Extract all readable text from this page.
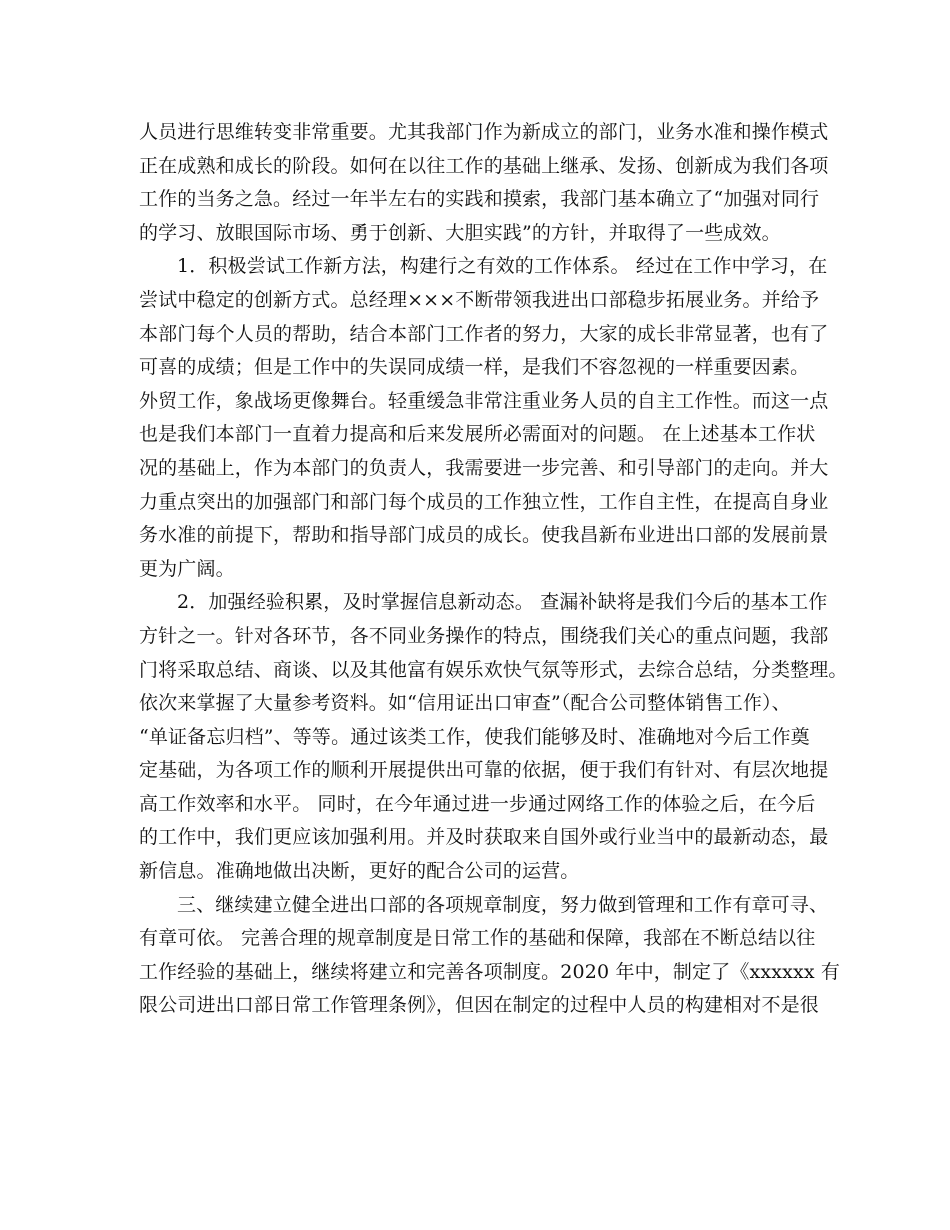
人员进行思维转变非常重要。尤其我部门作为新成立的部门，业务水准和操作模式
正在成熟和成长的阶段。如何在以往工作的基础上继承、发扬、创新成为我们各项
工作的当务之急。经过一年半左右的实践和摸索，我部门基本确立了“加强对同行
的学习、放眼国际市场、勇于创新、大胆实践”的方针，并取得了一些成效。
1．积极尝试工作新方法，构建行之有效的工作体系。 经过在工作中学习，在
尝试中稳定的创新方式。总经理×××不断带领我进出口部稳步拓展业务。并给予
本部门每个人员的帮助，结合本部门工作者的努力，大家的成长非常显著，也有了
可喜的成绩；但是工作中的失误同成绩一样，是我们不容忽视的一样重要因素。
外贸工作，象战场更像舞台。轻重缓急非常注重业务人员的自主工作性。而这一点
也是我们本部门一直着力提高和后来发展所必需面对的问题。 在上述基本工作状
况的基础上，作为本部门的负责人，我需要进一步完善、和引导部门的走向。并大
力重点突出的加强部门和部门每个成员的工作独立性，工作自主性，在提高自身业
务水准的前提下，帮助和指导部门成员的成长。使我昌新布业进出口部的发展前景
更为广阔。
2．加强经验积累，及时掌握信息新动态。 查漏补缺将是我们今后的基本工作
方针之一。针对各环节，各不同业务操作的特点，围绕我们关心的重点问题，我部
门将采取总结、商谈、以及其他富有娱乐欢快气氛等形式，去综合总结，分类整理。
依次来掌握了大量参考资料。如“信用证出口审查”（配合公司整体销售工作）、
“单证备忘归档”、等等。通过该类工作，使我们能够及时、准确地对今后工作奠
定基础，为各项工作的顺利开展提供出可靠的依据，便于我们有针对、有层次地提
高工作效率和水平。 同时，在今年通过进一步通过网络工作的体验之后，在今后
的工作中，我们更应该加强利用。并及时获取来自国外或行业当中的最新动态，最
新信息。准确地做出决断，更好的配合公司的运营。
三、继续建立健全进出口部的各项规章制度，努力做到管理和工作有章可寻、
有章可依。 完善合理的规章制度是日常工作的基础和保障，我部在不断总结以往
工作经验的基础上，继续将建立和完善各项制度。2020 年中，制定了《xxxxxx 有
限公司进出口部日常工作管理条例》，但因在制定的过程中人员的构建相对不是很
